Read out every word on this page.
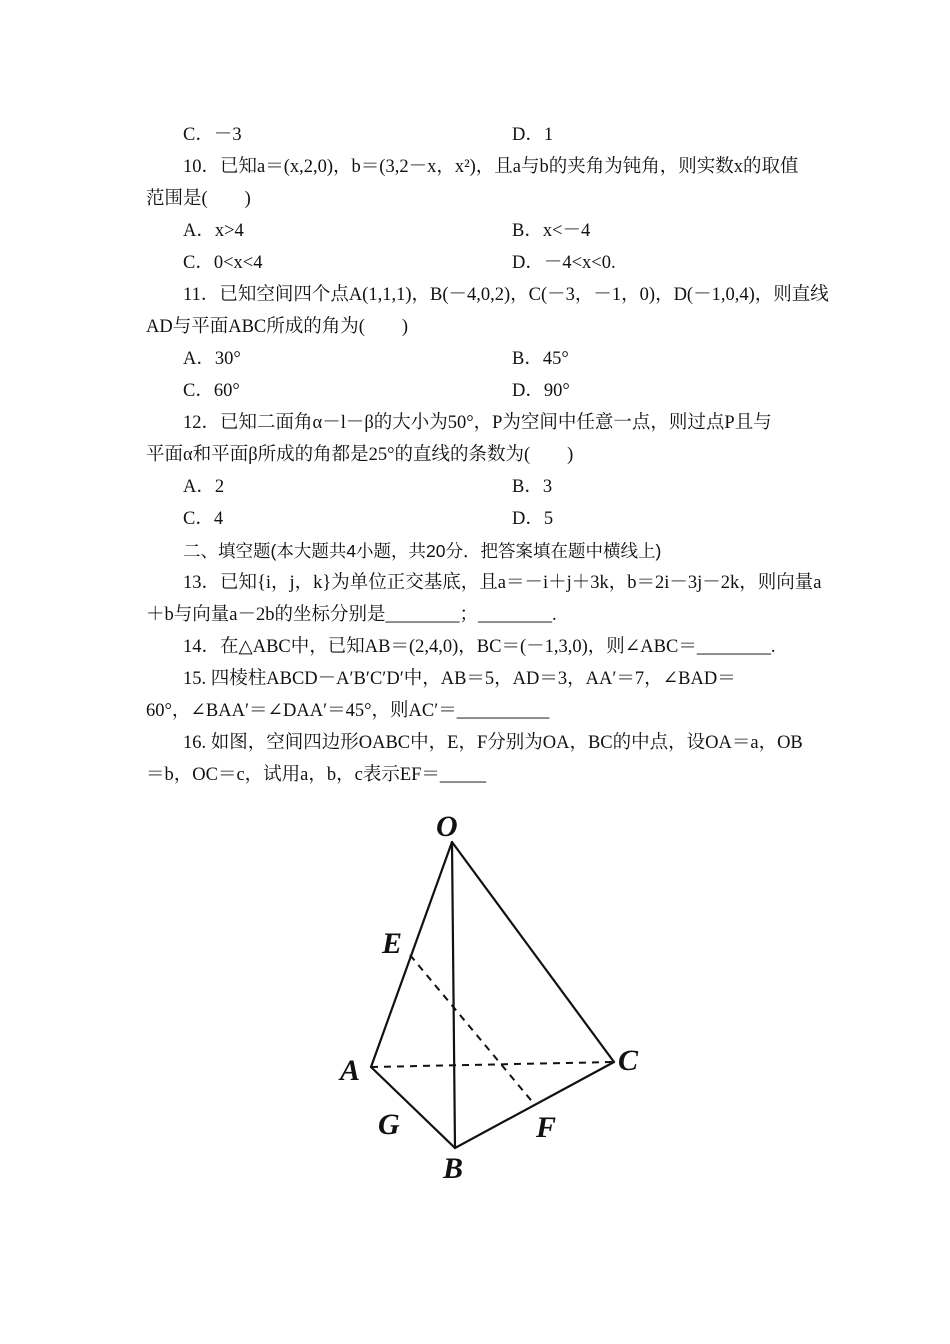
C．－3	D．1
10．已知a＝(x,2,0)，b＝(3,2－x，x²)，且a与b的夹角为钝角，则实数x的取值
范围是(　　)
A．x>4	B．x<－4
C．0<x<4	D．－4<x<0.
11．已知空间四个点A(1,1,1)，B(－4,0,2)，C(－3，－1，0)，D(－1,0,4)，则直线
AD与平面ABC所成的角为(　　)
A．30°	B．45°
C．60°	D．90°
12．已知二面角α－l－β的大小为50°，P为空间中任意一点，则过点P且与
平面α和平面β所成的角都是25°的直线的条数为(　　)
A．2	B．3
C．4	D．5
二、填空题(本大题共4小题，共20分．把答案填在题中横线上)
13．已知{i，j，k}为单位正交基底，且a＝－i＋j＋3k，b＝2i－3j－2k，则向量a
＋b与向量a－2b的坐标分别是________；________.
14．在△ABC中，已知AB＝(2,4,0)，BC＝(－1,3,0)，则∠ABC＝________.
15. 四棱柱ABCD－A′B′C′D′中，AB＝5，AD＝3，AA′＝7，∠BAD＝
60°，∠BAA′＝∠DAA′＝45°，则AC′＝__________
16. 如图，空间四边形OABC中，E，F分别为OA，BC的中点，设OA＝a，OB
＝b，OC＝c，试用a，b，c表示EF＝_____
O
E
A
G
B
F
C
